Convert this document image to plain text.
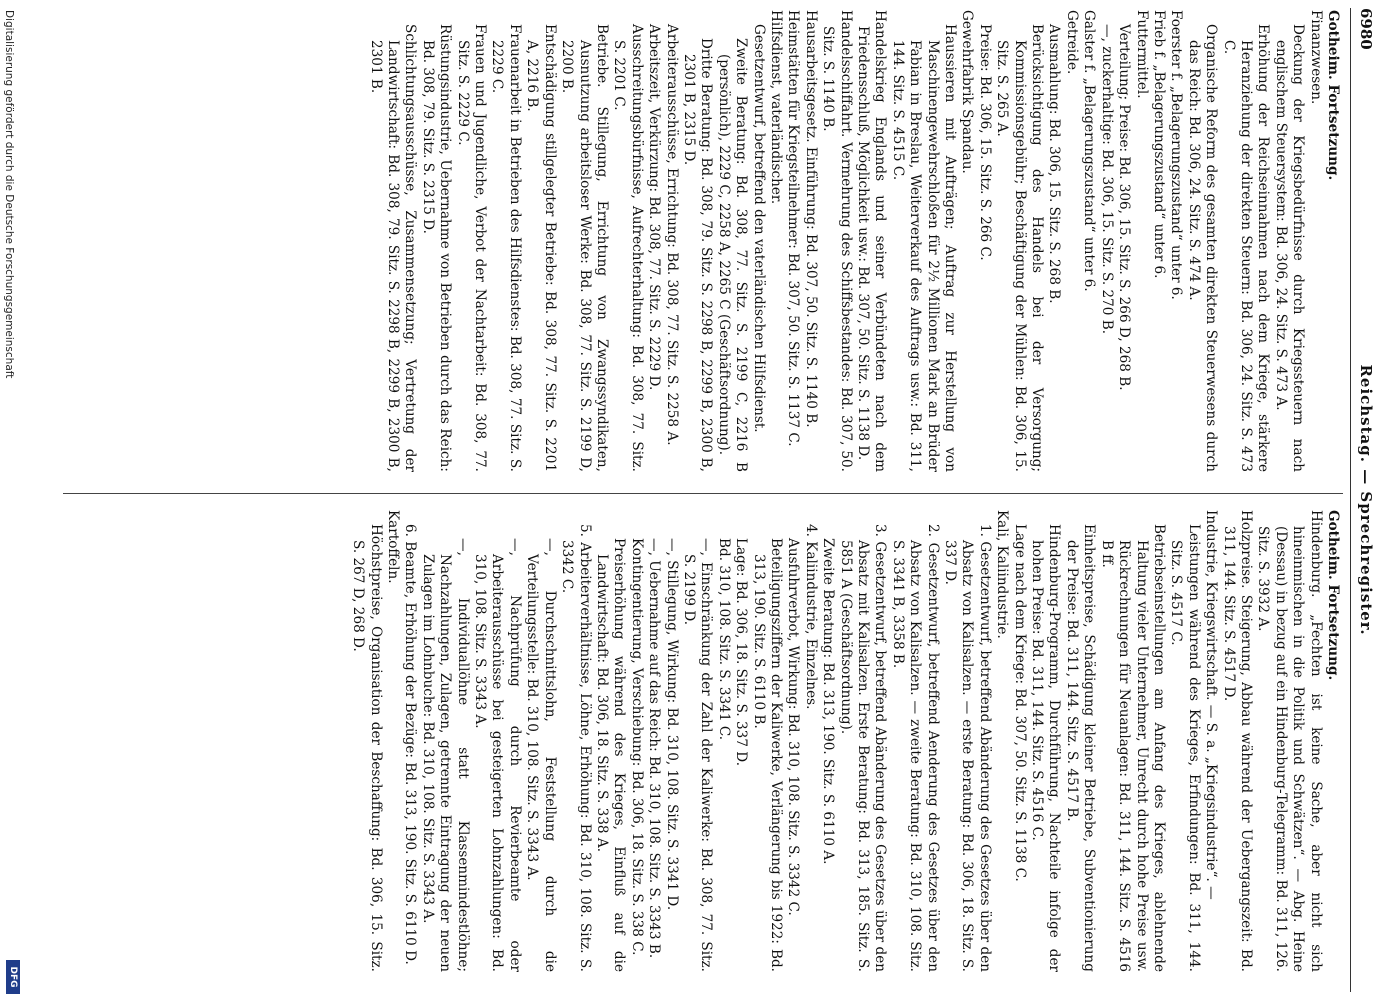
6980
Reichstag. — Sprechregister.

Gotheim. Fortsetzung.

Finanzwesen.

Deckung der Kriegsbedürfnisse durch Kriegssteuern nach englischem Steuersystem: Bd. 306, 24. Sitz. S. 473 A.

Erhöhung der Reichseinnahmen nach dem Kriege, stärkere Heranziehung der direkten Steuern: Bd. 306, 24. Sitz. S. 473 C.

Organische Reform des gesamten direkten Steuerwesens durch das Reich: Bd. 306, 24. Sitz. S. 474 A.

Foerster f. „Belagerungszustand“ unter 6.

Frieb f. „Belagerungszustand“ unter 6.

Futtermittel.

Verteilung; Preise: Bd. 306, 15. Sitz. S. 266 D, 268 B.

—, zuckerhaltige: Bd. 306, 15. Sitz. S. 270 B.

Galster f. „Belagerungszustand“ unter 6.

Getreide.

Ausmahlung: Bd. 306, 15. Sitz. S. 268 B.

Berücksichtigung des Handels bei der Versorgung; Kommissionsgebühr; Beschäftigung der Mühlen: Bd. 306, 15. Sitz. S. 265 A.

Preise: Bd. 306, 15. Sitz. S. 266 C.

Gewehrfabrik Spandau.

Haussieren mit Aufträgen; Auftrag zur Herstellung von Maschinengewehrschloßen für 2½ Millionen Mark an Brüder Fabian in Breslau, Weiterverkauf des Auftrags usw.: Bd. 311, 144. Sitz. S. 4515 C.

Handelskrieg Englands und seiner Verbündeten nach dem Friedensschluß, Möglichkeit usw.: Bd. 307, 50. Sitz. S. 1138 D.

Handelsschiffahrt. Vermehrung des Schiffsbestandes: Bd. 307, 50. Sitz. S. 1140 B.

Hausarbeitsgesetz. Einführung: Bd. 307, 50. Sitz. S. 1140 B.

Heimstätten für Kriegsteilnehmer: Bd. 307, 50. Sitz. S. 1137 C.

Hilfsdienst, vaterländischer.

Gesetzentwurf, betreffend den vaterländischen Hilfsdienst.

Zweite Beratung: Bd. 308, 77. Sitz. S. 2199 C, 2216 B (persönlich), 2229 C, 2258 A, 2265 C (Geschäftsordnung).

Dritte Beratung: Bd. 308, 79. Sitz. S. 2298 B, 2299 B, 2300 B, 2301 B, 2315 D.

Arbeiterausschüsse, Errichtung: Bd. 308, 77. Sitz. S. 2258 A.

Arbeitszeit, Verkürzung: Bd. 308, 77. Sitz. S. 2229 D.

Ausschreitungsbürfnisse, Aufrechterhaltung: Bd. 308, 77. Sitz. S. 2201 C.

Betriebe. Stillegung, Errichtung von Zwangssyndikaten, Ausnutzung arbeitsloser Werke: Bd. 308, 77. Sitz. S. 2199 D, 2200 B.

Entschädigung stillgelegter Betriebe: Bd. 308, 77. Sitz. S. 2201 A, 2216 B.

Frauenarbeit in Betrieben des Hilfsdienstes: Bd. 308, 77. Sitz. S. 2229 C.

Frauen und Jugendliche, Verbot der Nachtarbeit: Bd. 308, 77. Sitz. S. 2229 C.

Rüstungsindustrie, Uebernahme von Betrieben durch das Reich: Bd. 308, 79. Sitz. S. 2315 D.

Schlichtungsausschüsse, Zusammensetzung; Vertretung der Landwirtschaft: Bd. 308, 79. Sitz. S. 2298 B, 2299 B, 2300 B, 2301 B.

Gotheim. Fortsetzung.

Hindenburg. „Fechten ist keine Sache, aber nicht sich hineinmischen in die Politik und Schwätzen“. — Abg. Heine (Dessau) in bezug auf ein Hindenburg-Telegramm: Bd. 311, 126. Sitz. S. 3932 A.

Holzpreise. Steigerung, Abbau während der Uebergangszeit: Bd. 311, 144. Sitz. S. 4517 D.

Industrie, Kriegswirtschaft. — S. a. „Kriegsindustrie“. —

Leistungen während des Krieges, Erfindungen: Bd. 311, 144. Sitz. S. 4517 C.

Betriebseinstellungen am Anfang des Krieges, ablehnende Haltung vieler Unternehmer, Unrecht durch hohe Preise usw. Rückrechnungen für Neuanlagen: Bd. 311, 144. Sitz. S. 4516 B ff.

Einheitspreise, Schädigung kleiner Betriebe, Subventionierung der Preise: Bd. 311, 144. Sitz. S. 4517 B.

Hindenburg-Programm, Durchführung, Nachteile infolge der hohen Preise: Bd. 311, 144. Sitz. S. 4516 C.

Lage nach dem Kriege: Bd. 307, 50. Sitz. S. 1138 C.

Kali, Kaliindustrie.

1. Gesetzentwurf, betreffend Abänderung des Gesetzes über den Absatz von Kalisalzen. — erste Beratung: Bd. 306, 18. Sitz. S. 337 D.

2. Gesetzentwurf, betreffend Aenderung des Gesetzes über den Absatz von Kalisalzen. — zweite Beratung: Bd. 310, 108. Sitz. S. 3341 B, 3358 B.

3. Gesetzentwurf, betreffend Abänderung des Gesetzes über den Absatz mit Kalisalzen. Erste Beratung: Bd. 313, 185. Sitz. S. 5851 A (Geschäftsordnung).

Zweite Beratung: Bd. 313, 190. Sitz. S. 6110 A.

4. Kaliindustrie, Einzelnes.

Ausfuhrverbot, Wirkung: Bd. 310, 108. Sitz. S. 3342 C.

Beteiligungsziffern der Kaliwerke, Verlängerung bis 1922: Bd. 313, 190. Sitz. S. 6110 B.

Lage: Bd. 306, 18. Sitz. S. 337 D.

Bd. 310, 108. Sitz. S. 3341 C.

—, Einschränkung der Zahl der Kaliwerke: Bd. 308, 77. Sitz. S. 2199 D.

—, Stillegung, Wirkung: Bd. 310, 108. Sitz. S. 3341 D.

—, Uebernahme auf das Reich: Bd. 310, 108. Sitz. S. 3343 B.

Kontingentierung, Verschiebung: Bd. 306, 18. Sitz. S. 338 C.

Preiserhöhung während des Krieges, Einfluß auf die Landwirtschaft: Bd. 306, 18. Sitz. S. 338 A.

5. Arbeiterverhältnisse, Löhne, Erhöhung: Bd. 310, 108. Sitz. S. 3342 C.

—, Durchschnittslohn, Feststellung durch die Verteilungsstelle: Bd. 310, 108. Sitz. S. 3343 A.

—, Nachprüfung durch Revierbeamte oder Arbeiterausschüsse bei gesteigerten Lohnzahlungen: Bd. 310, 108. Sitz. S. 3343 A.

—, Individuallöhne statt Klassenmindestlöhne; Nachzahlungen, Zulagen, getrennte Eintragung der neuen Zulagen im Lohnbuche: Bd. 310, 108. Sitz. S. 3343 A.

6. Beamte, Erhöhung der Bezüge: Bd. 313, 190. Sitz. S. 6110 D.

Kartoffeln.

Höchstpreise, Organisation der Beschaffung: Bd. 306, 15. Sitz. S. 267 D, 268 D.

Digitalisierung gefördert durch die Deutsche Forschungsgemeinschaft
DFG
